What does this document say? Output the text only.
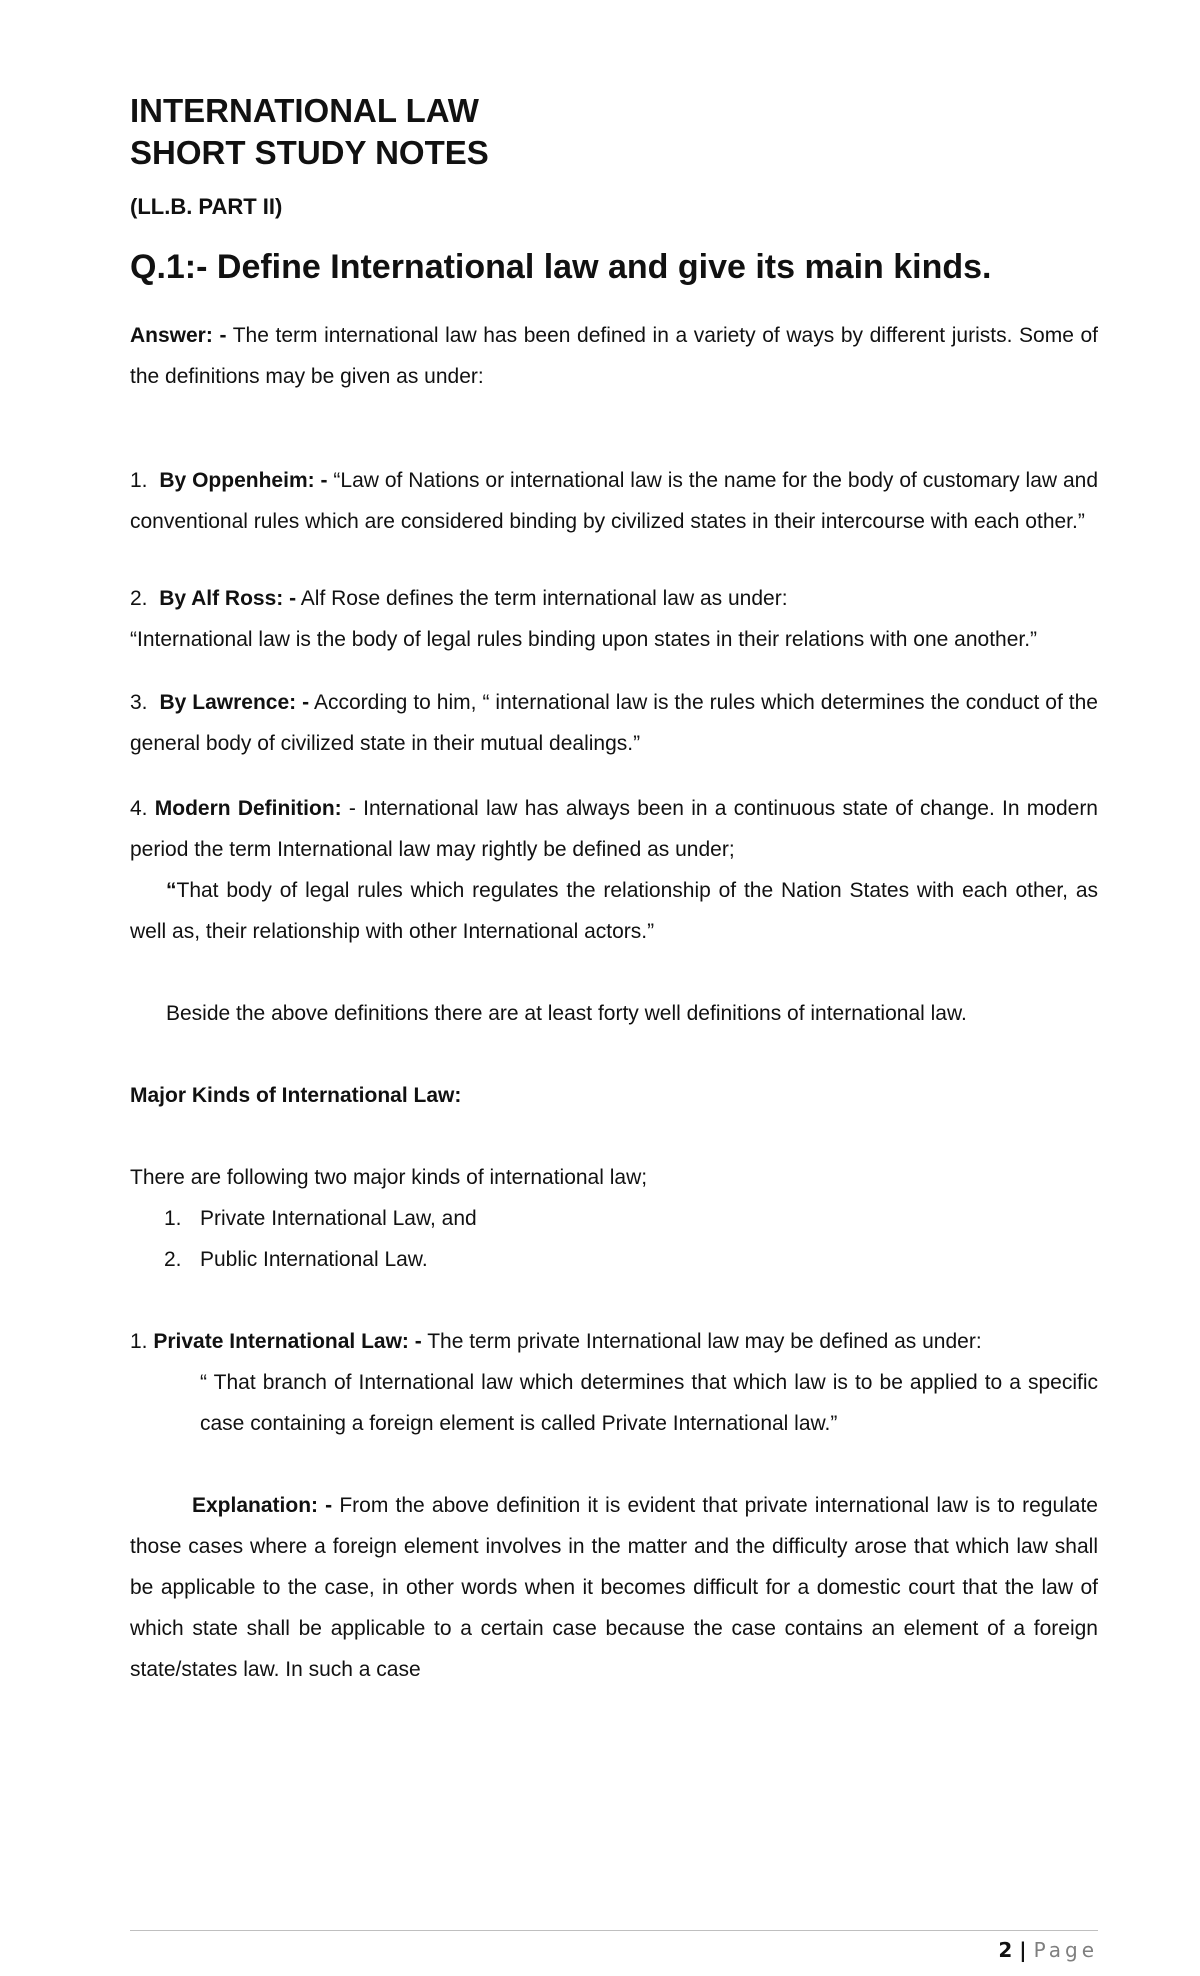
INTERNATIONAL LAW
SHORT STUDY NOTES
(LL.B. PART II)
Q.1:- Define International law and give its main kinds.

Answer: - The term international law has been defined in a variety of ways by different jurists. Some of the definitions may be given as under:

1. By Oppenheim: - “Law of Nations or international law is the name for the body of customary law and conventional rules which are considered binding by civilized states in their intercourse with each other.”

2. By Alf Ross: - Alf Rose defines the term international law as under:

“International law is the body of legal rules binding upon states in their relations with one another.”

3. By Lawrence: - According to him, “ international law is the rules which determines the conduct of the general body of civilized state in their mutual dealings.”

4. Modern Definition: - International law has always been in a continuous state of change. In modern period the term International law may rightly be defined as under;

“That body of legal rules which regulates the relationship of the Nation States with each other, as well as, their relationship with other International actors.”

Beside the above definitions there are at least forty well definitions of international law.

Major Kinds of International Law:

There are following two major kinds of international law;

1. Private International Law, and
2. Public International Law.

1. Private International Law: - The term private International law may be defined as under:

“ That branch of International law which determines that which law is to be applied to a specific case containing a foreign element is called Private International law.”

Explanation: - From the above definition it is evident that private international law is to regulate those cases where a foreign element involves in the matter and the difficulty arose that which law shall be applicable to the case, in other words when it becomes difficult for a domestic court that the law of which state shall be applicable to a certain case because the case contains an element of a foreign state/states law. In such a case

2 | Page
